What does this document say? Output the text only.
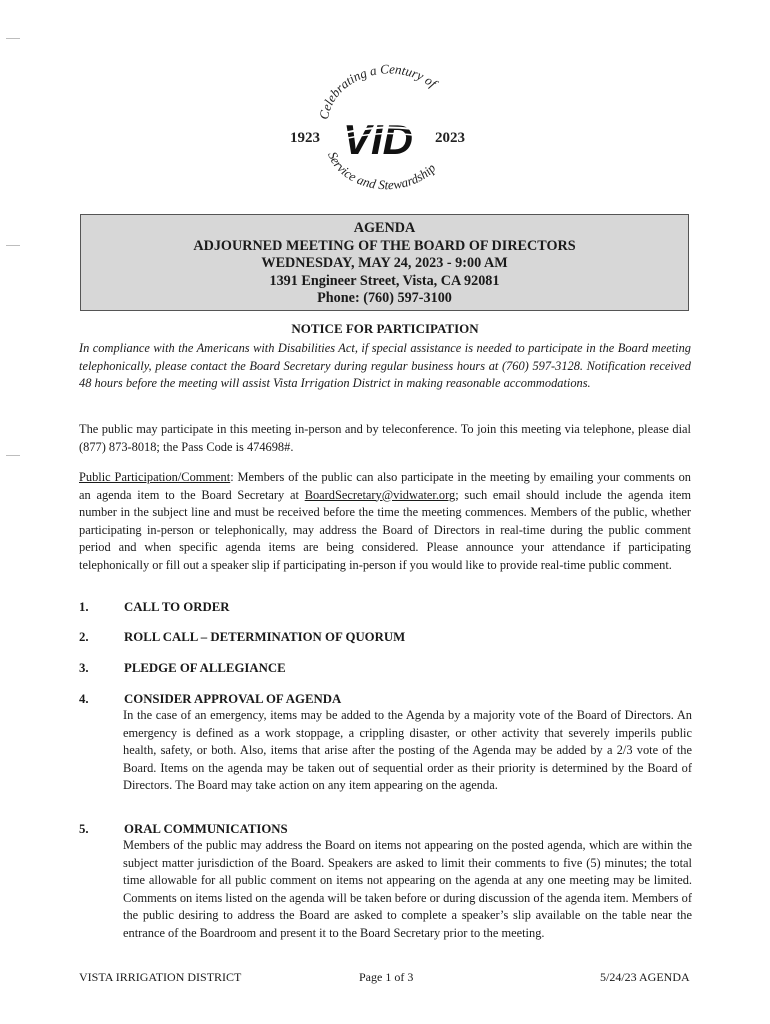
Celebrating a Century of
Service and Stewardship
1923	2023
VID
AGENDA
ADJOURNED MEETING OF THE BOARD OF DIRECTORS
WEDNESDAY, MAY 24, 2023 - 9:00 AM
1391 Engineer Street, Vista, CA 92081
Phone: (760) 597-3100
NOTICE FOR PARTICIPATION
In compliance with the Americans with Disabilities Act, if special assistance is needed to participate in the Board meeting telephonically, please contact the Board Secretary during regular business hours at (760) 597-3128. Notification received 48 hours before the meeting will assist Vista Irrigation District in making reasonable accommodations.
The public may participate in this meeting in-person and by teleconference. To join this meeting via telephone, please dial (877) 873-8018; the Pass Code is 474698#.
Public Participation/Comment: Members of the public can also participate in the meeting by emailing your comments on an agenda item to the Board Secretary at BoardSecretary@vidwater.org; such email should include the agenda item number in the subject line and must be received before the time the meeting commences. Members of the public, whether participating in-person or telephonically, may address the Board of Directors in real-time during the public comment period and when specific agenda items are being considered. Please announce your attendance if participating telephonically or fill out a speaker slip if participating in-person if you would like to provide real-time public comment.
1.	CALL TO ORDER
2.	ROLL CALL – DETERMINATION OF QUORUM
3.	PLEDGE OF ALLEGIANCE
4.	CONSIDER APPROVAL OF AGENDA
In the case of an emergency, items may be added to the Agenda by a majority vote of the Board of Directors. An emergency is defined as a work stoppage, a crippling disaster, or other activity that severely imperils public health, safety, or both. Also, items that arise after the posting of the Agenda may be added by a 2/3 vote of the Board. Items on the agenda may be taken out of sequential order as their priority is determined by the Board of Directors. The Board may take action on any item appearing on the agenda.
5.	ORAL COMMUNICATIONS
Members of the public may address the Board on items not appearing on the posted agenda, which are within the subject matter jurisdiction of the Board. Speakers are asked to limit their comments to five (5) minutes; the total time allowable for all public comment on items not appearing on the agenda at any one meeting may be limited. Comments on items listed on the agenda will be taken before or during discussion of the agenda item. Members of the public desiring to address the Board are asked to complete a speaker’s slip available on the table near the entrance of the Boardroom and present it to the Board Secretary prior to the meeting.
VISTA IRRIGATION DISTRICT	Page 1 of 3	5/24/23 AGENDA
